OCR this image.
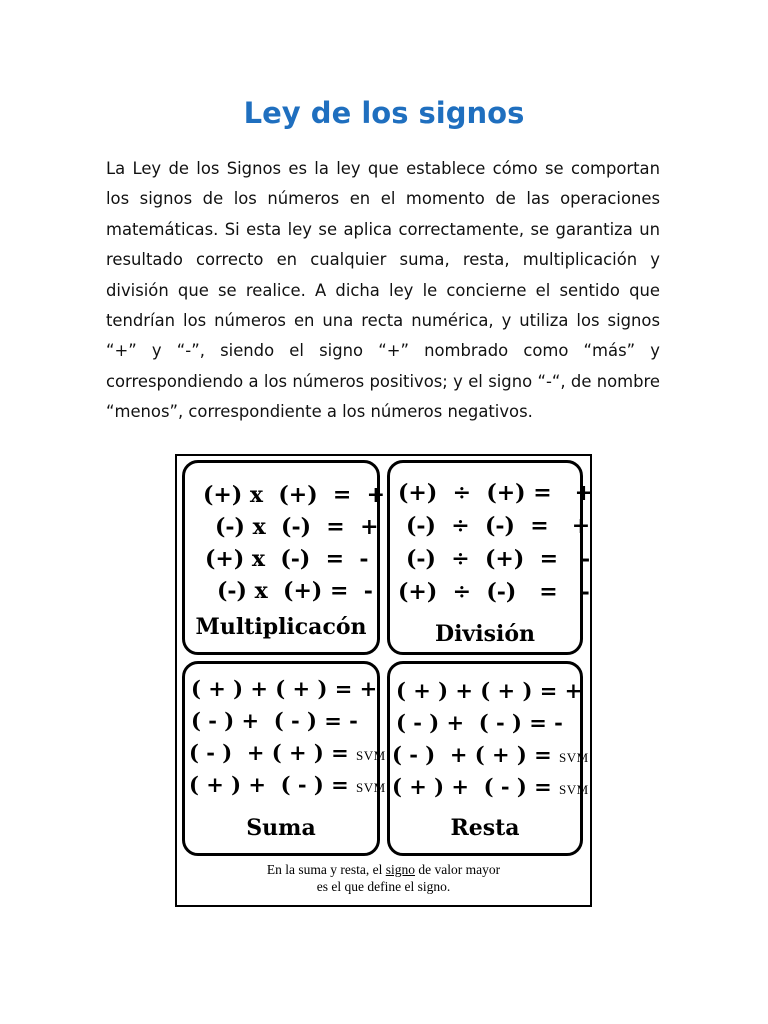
Ley de los signos

La Ley de los Signos es la ley que establece cómo se comportan los signos de los números en el momento de las operaciones matemáticas. Si esta ley se aplica correctamente, se garantiza un resultado correcto en cualquier suma, resta, multiplicación y división que se realice. A dicha ley le concierne el sentido que tendrían los números en una recta numérica, y utiliza los signos “+” y “-”, siendo el signo “+” nombrado como “más” y correspondiendo a los números positivos; y el signo “-“, de nombre “menos”, correspondiente a los números negativos.

(+) x  (+)  =  +
(-) x  (-)  =  +
(+) x  (-)  =  -
(-) x  (+) =  -
Multiplicacón
(+)  ÷  (+) =   +
(-)  ÷  (-)  =   +
(-)  ÷  (+)  =   -
(+)  ÷  (-)   =   -
División
( + ) + ( + ) = +
( - ) +  ( - ) = -
( - )  + ( + ) = SVM
( + ) +  ( - ) = SVM
Suma
( + ) + ( + ) = +
( - ) +  ( - ) = -
( - )  + ( + ) = SVM
( + ) +  ( - ) = SVM
Resta
En la suma y resta, el signo de valor mayor
es el que define el signo.
